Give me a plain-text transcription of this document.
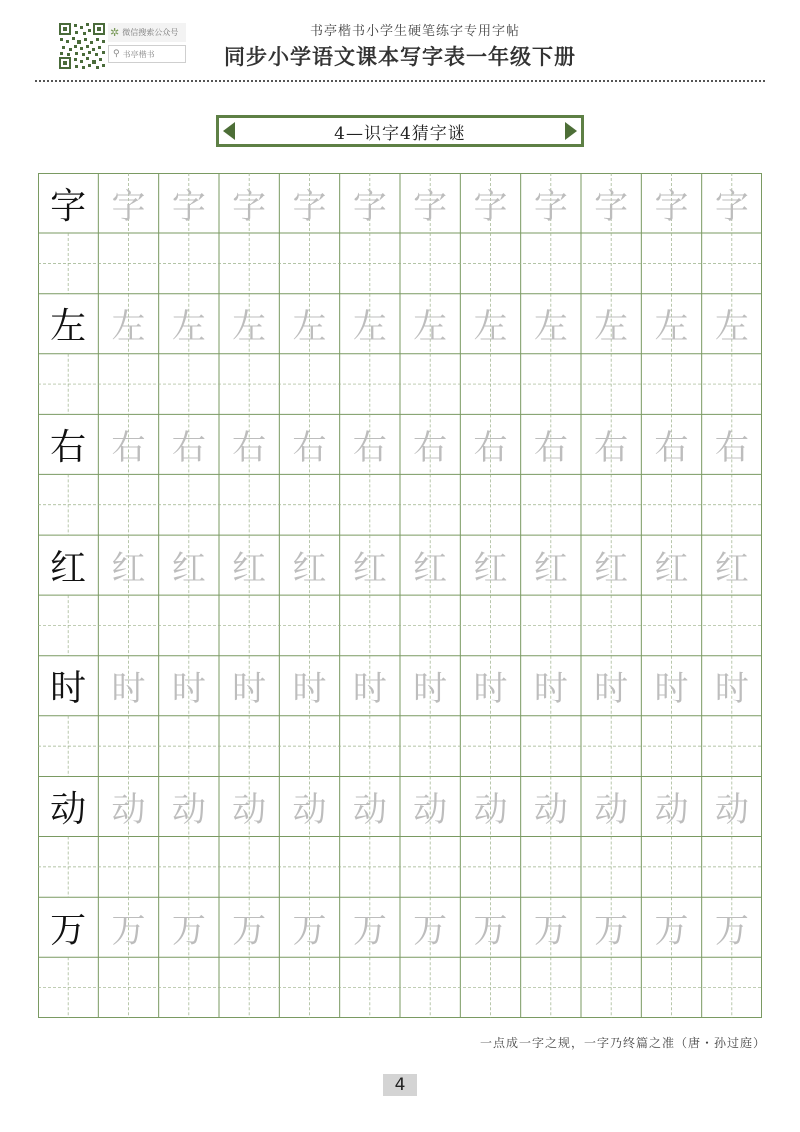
✲ 微信搜索公众号
⚲ 书亭楷书
书亭楷书小学生硬笔练字专用字帖
同步小学语文课本写字表一年级下册
4—识字4猜字谜
字 字 字 字 字 字 字 字 字 字 字 字
左 左 左 左 左 左 左 左 左 左 左 左
右 右 右 右 右 右 右 右 右 右 右 右
红 红 红 红 红 红 红 红 红 红 红 红
时 时 时 时 时 时 时 时 时 时 时 时
动 动 动 动 动 动 动 动 动 动 动 动
万 万 万 万 万 万 万 万 万 万 万 万
一点成一字之规，一字乃终篇之准（唐・孙过庭）
4
